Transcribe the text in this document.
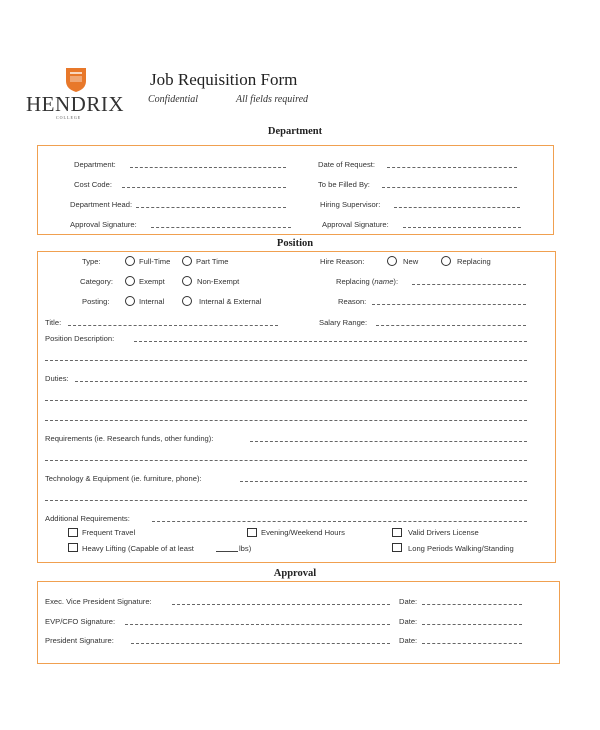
HENDRIX
COLLEGE
Job Requisition Form
Confidential	All fields required
Department
Department:	Date of Request:
Cost Code:	To be Filled By:
Department Head:	Hiring Supervisor:
Approval Signature:	Approval Signature:
Position
Type:	Full-Time	Part Time	Hire Reason:	New	Replacing
Category:	Exempt	Non-Exempt	Replacing (name):
Posting:	Internal	Internal & External	Reason:
Title:	Salary Range:
Position Description:
Duties:
Requirements (ie. Research funds, other funding):
Technology & Equipment (ie. furniture, phone):
Additional Requirements:
Frequent Travel	Evening/Weekend Hours	Valid Drivers License
Heavy Lifting (Capable of at least	lbs)	Long Periods Walking/Standing
Approval
Exec. Vice President Signature:	Date:
EVP/CFO Signature:	Date:
President Signature:	Date:
